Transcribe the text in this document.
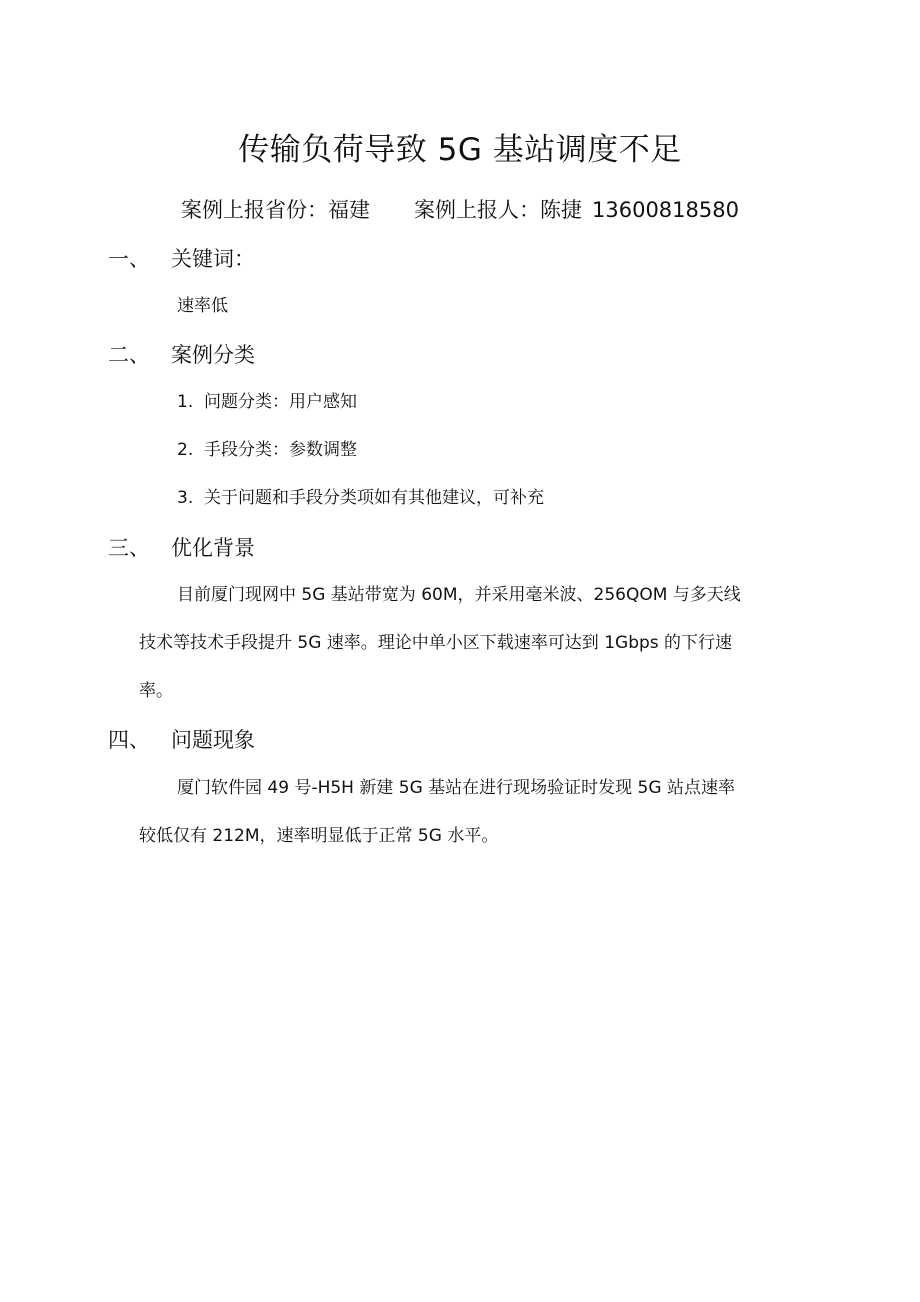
传输负荷导致 5G 基站调度不足
案例上报省份：福建 案例上报人：陈捷 13600818580
一、 关键词：
速率低
二、 案例分类
1. 问题分类：用户感知
2. 手段分类：参数调整
3. 关于问题和手段分类项如有其他建议，可补充
三、 优化背景
目前厦门现网中 5G 基站带宽为 60M，并采用毫米波、256QOM 与多天线
技术等技术手段提升 5G 速率。理论中单小区下载速率可达到 1Gbps 的下行速
率。
四、 问题现象
厦门软件园 49 号-H5H 新建 5G 基站在进行现场验证时发现 5G 站点速率
较低仅有 212M，速率明显低于正常 5G 水平。
